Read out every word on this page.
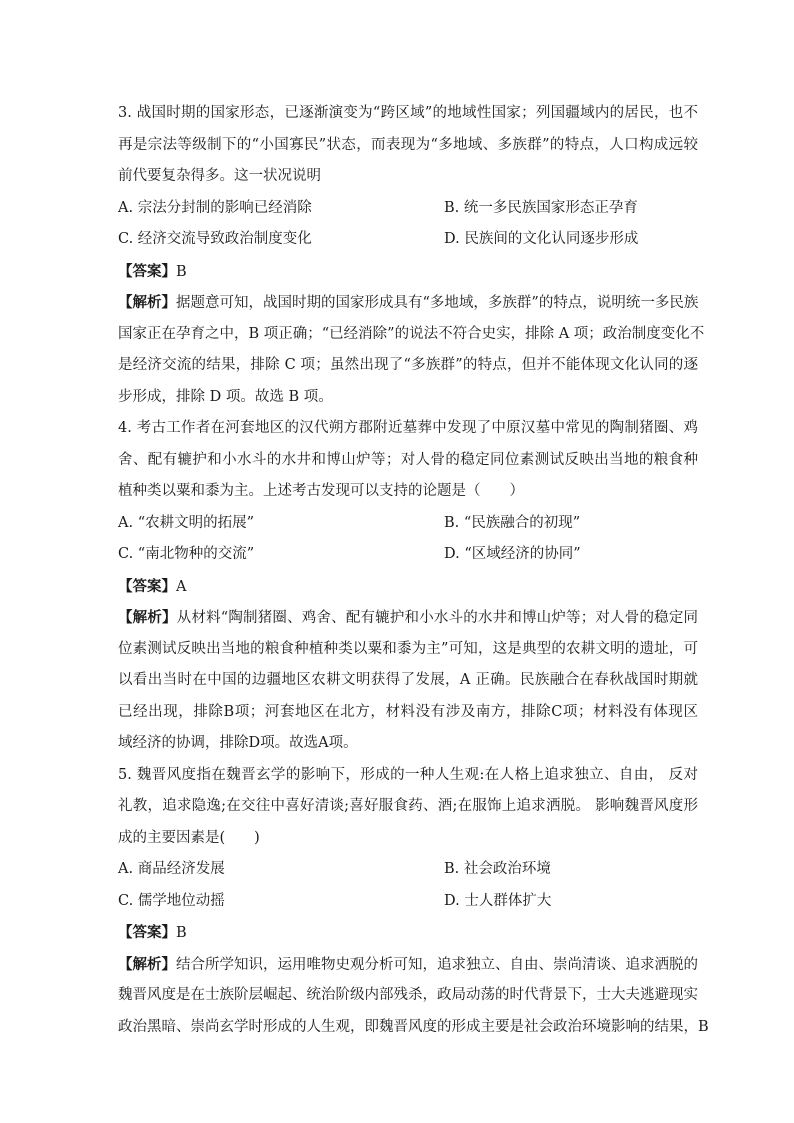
3. 战国时期的国家形态，已逐渐演变为“跨区域”的地域性国家；列国疆域内的居民，也不
再是宗法等级制下的“小国寡民”状态，而表现为“多地域、多族群”的特点，人口构成远较
前代要复杂得多。这一状况说明
A. 宗法分封制的影响已经消除	B. 统一多民族国家形态正孕育
C. 经济交流导致政治制度变化	D. 民族间的文化认同逐步形成
【答案】B
【解析】据题意可知，战国时期的国家形成具有“多地域，多族群”的特点，说明统一多民族
国家正在孕育之中，B 项正确；“已经消除”的说法不符合史实，排除 A 项；政治制度变化不
是经济交流的结果，排除 C 项；虽然出现了“多族群”的特点，但并不能体现文化认同的逐
步形成，排除 D 项。故选 B 项。
4. 考古工作者在河套地区的汉代朔方郡附近墓葬中发现了中原汉墓中常见的陶制猪圈、鸡
舍、配有辘护和小水斗的水井和博山炉等；对人骨的稳定同位素测试反映出当地的粮食种
植种类以粟和黍为主。上述考古发现可以支持的论题是（　　）
A. “农耕文明的拓展”	B. “民族融合的初现”
C. “南北物种的交流”	D. “区域经济的协同”
【答案】A
【解析】从材料“陶制猪圈、鸡舍、配有辘护和小水斗的水井和博山炉等；对人骨的稳定同
位素测试反映出当地的粮食种植种类以粟和黍为主”可知，这是典型的农耕文明的遗址，可
以看出当时在中国的边疆地区农耕文明获得了发展，A 正确。民族融合在春秋战国时期就
已经出现，排除B项；河套地区在北方，材料没有涉及南方，排除C项；材料没有体现区
域经济的协调，排除D项。故选A项。
5. 魏晋风度指在魏晋玄学的影响下，形成的一种人生观:在人格上追求独立、自由， 反对
礼教，追求隐逸;在交往中喜好清谈;喜好服食药、酒;在服饰上追求洒脱。 影响魏晋风度形
成的主要因素是(　　)
A. 商品经济发展	B. 社会政治环境
C. 儒学地位动摇	D. 士人群体扩大
【答案】B
【解析】结合所学知识，运用唯物史观分析可知，追求独立、自由、崇尚清谈、追求洒脱的
魏晋风度是在士族阶层崛起、统治阶级内部残杀，政局动荡的时代背景下，士大夫逃避现实
政治黑暗、崇尚玄学时形成的人生观，即魏晋风度的形成主要是社会政治环境影响的结果，B
